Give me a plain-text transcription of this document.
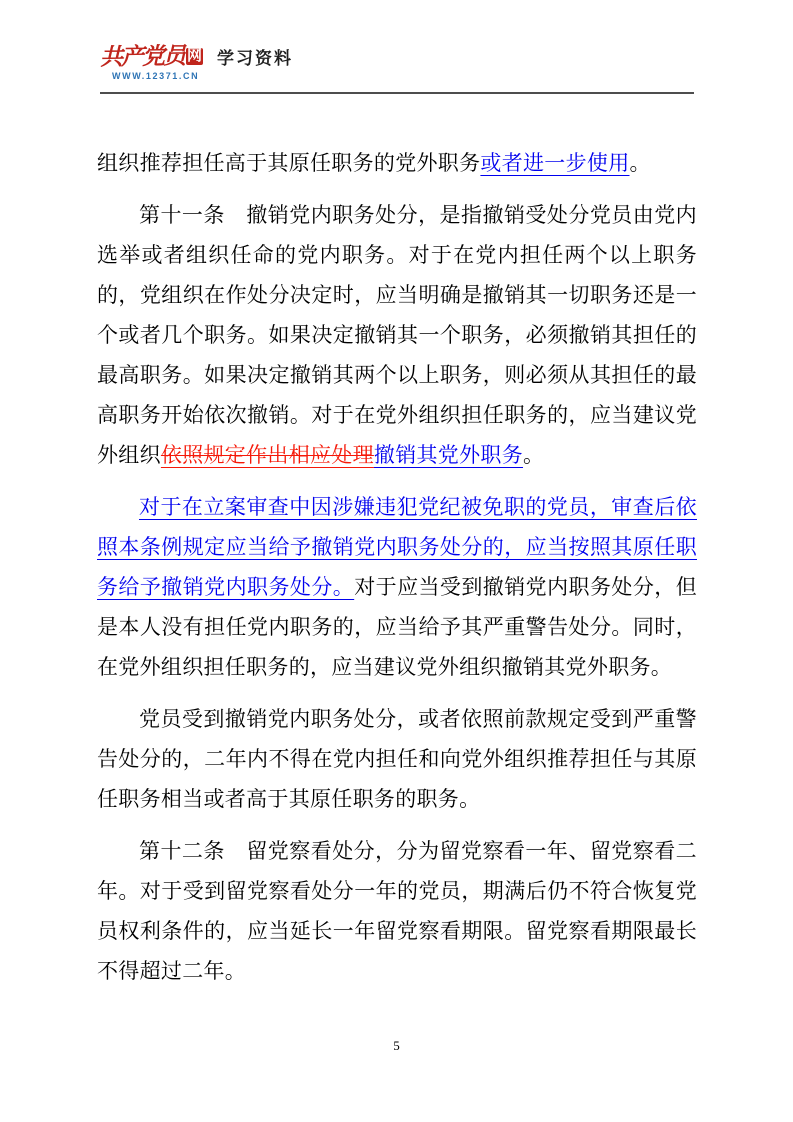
共产党员 网
WWW.12371.CN
学习资料

组织推荐担任高于其原任职务的党外职务或者进一步使用。

第十一条　撤销党内职务处分，是指撤销受处分党员由党内选举或者组织任命的党内职务。对于在党内担任两个以上职务的，党组织在作处分决定时，应当明确是撤销其一切职务还是一个或者几个职务。如果决定撤销其一个职务，必须撤销其担任的最高职务。如果决定撤销其两个以上职务，则必须从其担任的最高职务开始依次撤销。对于在党外组织担任职务的，应当建议党外组织依照规定作出相应处理撤销其党外职务。

对于在立案审查中因涉嫌违犯党纪被免职的党员，审查后依照本条例规定应当给予撤销党内职务处分的，应当按照其原任职务给予撤销党内职务处分。对于应当受到撤销党内职务处分，但是本人没有担任党内职务的，应当给予其严重警告处分。同时，在党外组织担任职务的，应当建议党外组织撤销其党外职务。

党员受到撤销党内职务处分，或者依照前款规定受到严重警告处分的，二年内不得在党内担任和向党外组织推荐担任与其原任职务相当或者高于其原任职务的职务。

第十二条　留党察看处分，分为留党察看一年、留党察看二年。对于受到留党察看处分一年的党员，期满后仍不符合恢复党员权利条件的，应当延长一年留党察看期限。留党察看期限最长不得超过二年。

5
